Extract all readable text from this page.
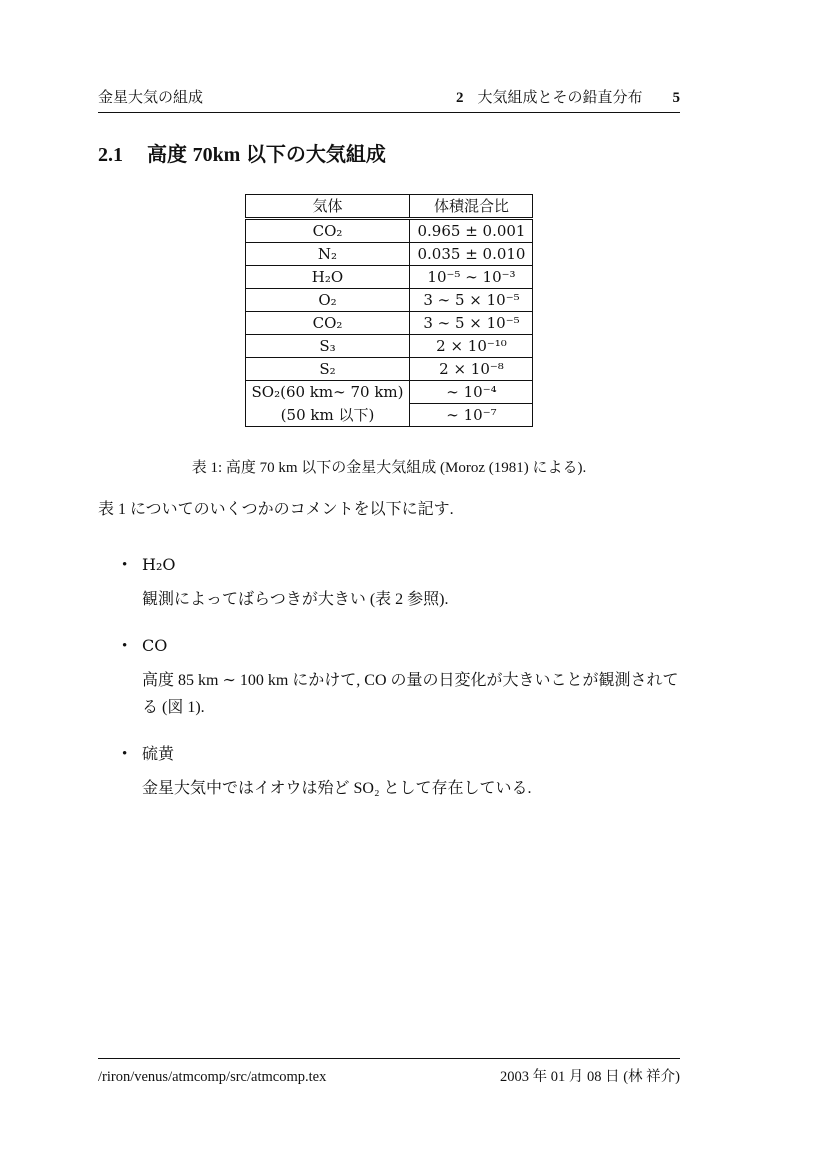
金星大気の組成	2 大気組成とその鉛直分布 5
2.1 高度 70km 以下の大気組成
気体	体積混合比
CO₂	0.965 ± 0.001
N₂	0.035 ± 0.010
H₂O	10⁻⁵ ∼ 10⁻³
O₂	3 ∼ 5 × 10⁻⁵
CO₂	3 ∼ 5 × 10⁻⁵
S₃	2 × 10⁻¹⁰
S₂	2 × 10⁻⁸
SO₂(60 km∼ 70 km)	∼ 10⁻⁴
(50 km 以下)	∼ 10⁻⁷
表 1: 高度 70 km 以下の金星大気組成 (Moroz (1981) による).
表 1 についてのいくつかのコメントを以下に記す.
• H₂O
観測によってばらつきが大きい (表 2 参照).
• CO
高度 85 km ∼ 100 km にかけて, CO の量の日変化が大きいことが観測されてる (図 1).
• 硫黄
金星大気中ではイオウは殆ど SO₂ として存在している.
/riron/venus/atmcomp/src/atmcomp.tex	2003 年 01 月 08 日 (林 祥介)
